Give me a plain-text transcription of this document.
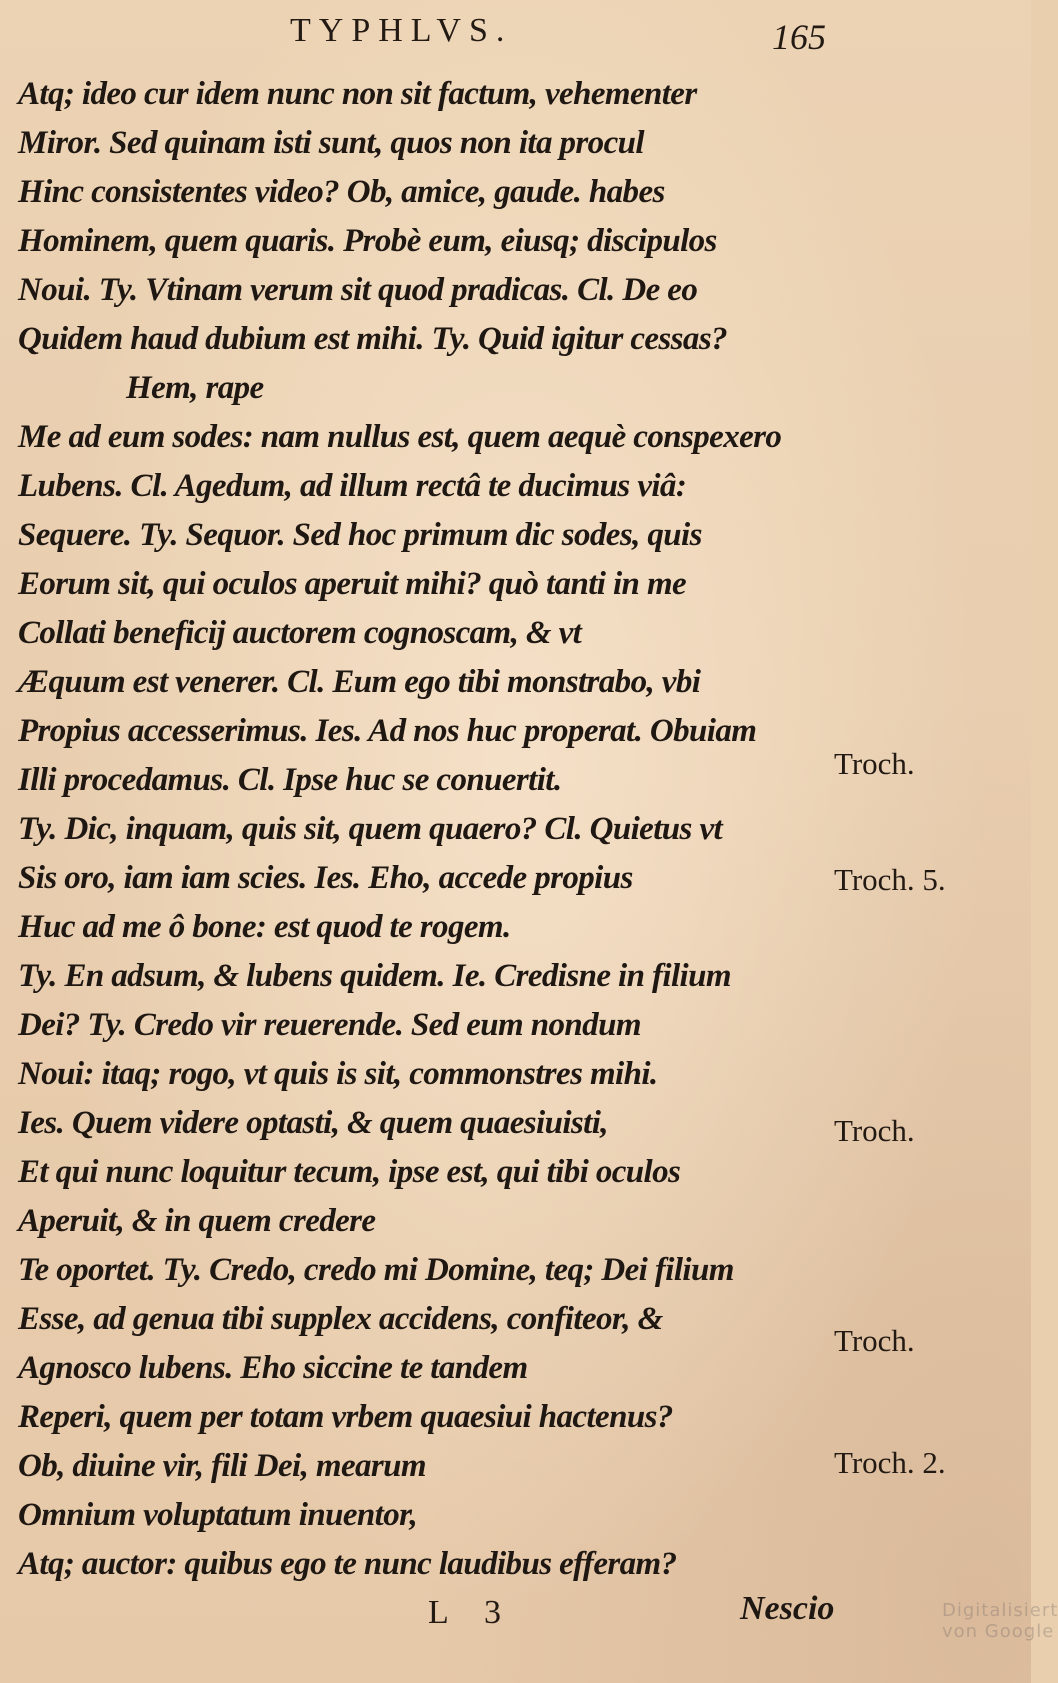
TYPHLVS.	165
Atq; ideo cur idem nunc non sit factum, vehementer
Miror. Sed quinam isti sunt, quos non ita procul
Hinc consistentes video? Ob, amice, gaude. habes
Hominem, quem quaris. Probè eum, eiusq; discipulos
Noui. Ty. Vtinam verum sit quod pradicas. Cl. De eo
Quidem haud dubium est mihi. Ty. Quid igitur cessas?
Hem, rape
Me ad eum sodes: nam nullus est, quem aequè conspexero
Lubens. Cl. Agedum, ad illum rectâ te ducimus viâ:
Sequere. Ty. Sequor. Sed hoc primum dic sodes, quis
Eorum sit, qui oculos aperuit mihi? quò tanti in me
Collati beneficij auctorem cognoscam, & vt
Æquum est venerer. Cl. Eum ego tibi monstrabo, vbi
Propius accesserimus. Ies. Ad nos huc properat. Obuiam
Illi procedamus. Cl. Ipse huc se conuertit.
Ty. Dic, inquam, quis sit, quem quaero? Cl. Quietus vt
Sis oro, iam iam scies. Ies. Eho, accede propius
Huc ad me ô bone: est quod te rogem.
Ty. En adsum, & lubens quidem. Ie. Credisne in filium
Dei? Ty. Credo vir reuerende. Sed eum nondum
Noui: itaq; rogo, vt quis is sit, commonstres mihi.
Ies. Quem videre optasti, & quem quaesiuisti,
Et qui nunc loquitur tecum, ipse est, qui tibi oculos
Aperuit, & in quem credere
Te oportet. Ty. Credo, credo mi Domine, teq; Dei filium
Esse, ad genua tibi supplex accidens, confiteor, &
Agnosco lubens. Eho siccine te tandem
Reperi, quem per totam vrbem quaesiui hactenus?
Ob, diuine vir, fili Dei, mearum
Omnium voluptatum inuentor,
Atq; auctor: quibus ego te nunc laudibus efferam?
Troch.
Troch. 5.
Troch.
Troch.
Troch. 2.
L 3	Nescio	Digitalisiert von Google
